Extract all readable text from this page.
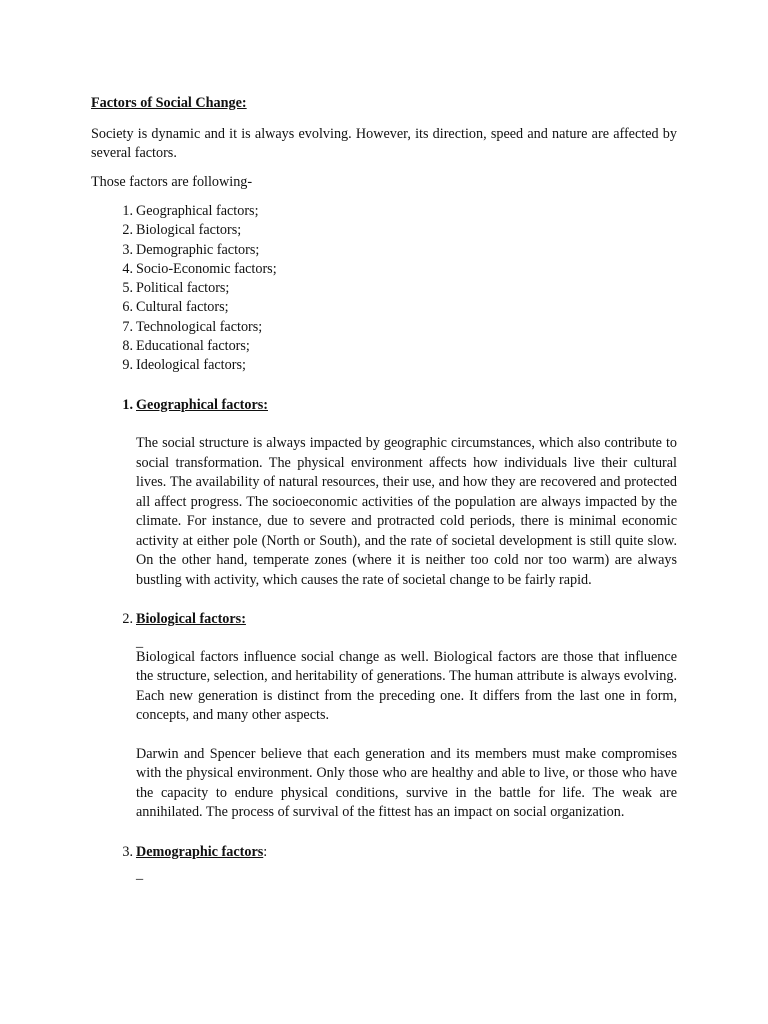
Factors of Social Change:

Society is dynamic and it is always evolving. However, its direction, speed and nature are affected by several factors.

Those factors are following-

1. Geographical factors;
2. Biological factors;
3. Demographic factors;
4. Socio-Economic factors;
5. Political factors;
6. Cultural factors;
7. Technological factors;
8. Educational factors;
9. Ideological factors;
1. Geographical factors:

The social structure is always impacted by geographic circumstances, which also contribute to social transformation. The physical environment affects how individuals live their cultural lives. The availability of natural resources, their use, and how they are recovered and protected all affect progress. The socioeconomic activities of the population are always impacted by the climate. For instance, due to severe and protracted cold periods, there is minimal economic activity at either pole (North or South), and the rate of societal development is still quite slow. On the other hand, temperate zones (where it is neither too cold nor too warm) are always bustling with activity, which causes the rate of societal change to be fairly rapid.

2. Biological factors:
_

Biological factors influence social change as well. Biological factors are those that influence the structure, selection, and heritability of generations. The human attribute is always evolving. Each new generation is distinct from the preceding one. It differs from the last one in form, concepts, and many other aspects.

Darwin and Spencer believe that each generation and its members must make compromises with the physical environment. Only those who are healthy and able to live, or those who have the capacity to endure physical conditions, survive in the battle for life. The weak are annihilated. The process of survival of the fittest has an impact on social organization.

3. Demographic factors :
_
